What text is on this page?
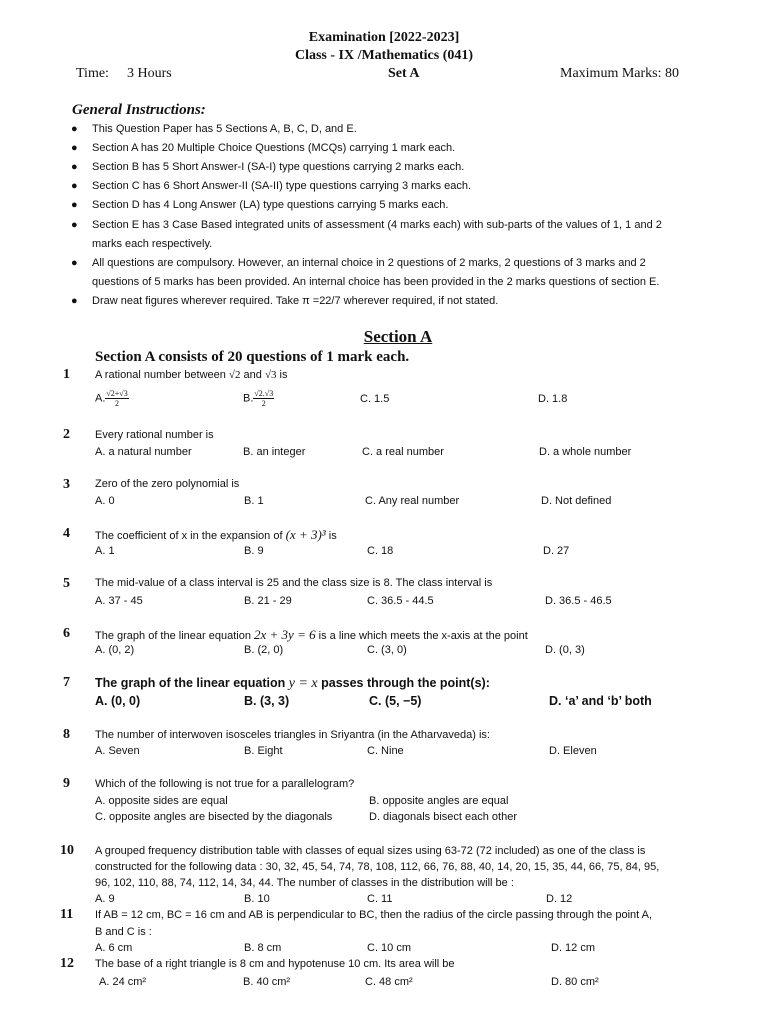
Examination [2022-2023]
Class - IX /Mathematics (041)
Time: 3 Hours	Set A	Maximum Marks: 80
General Instructions:
● This Question Paper has 5 Sections A, B, C, D, and E.
● Section A has 20 Multiple Choice Questions (MCQs) carrying 1 mark each.
● Section B has 5 Short Answer-I (SA-I) type questions carrying 2 marks each.
● Section C has 6 Short Answer-II (SA-II) type questions carrying 3 marks each.
● Section D has 4 Long Answer (LA) type questions carrying 5 marks each.
● Section E has 3 Case Based integrated units of assessment (4 marks each) with sub-parts of the values of 1, 1 and 2
marks each respectively.
● All questions are compulsory. However, an internal choice in 2 questions of 2 marks, 2 questions of 3 marks and 2
questions of 5 marks has been provided. An internal choice has been provided in the 2 marks questions of section E.
● Draw neat figures wherever required. Take π =22/7 wherever required, if not stated.
Section A
Section A consists of 20 questions of 1 mark each.
1 A rational number between √2 and √3 is
A. $\frac{√2+√3}{2}$	B. $\frac{√2.√3}{2}$	C. 1.5	D. 1.8
2 Every rational number is
A. a natural number	B. an integer	C. a real number	D. a whole number
3 Zero of the zero polynomial is
A. 0	B. 1	C. Any real number	D. Not defined
4 The coefficient of x in the expansion of (x + 3)³ is
A. 1	B. 9	C. 18	D. 27
5 The mid-value of a class interval is 25 and the class size is 8. The class interval is
A. 37 - 45	B. 21 - 29	C. 36.5 - 44.5	D. 36.5 - 46.5
6 The graph of the linear equation 2x + 3y = 6 is a line which meets the x-axis at the point
A. (0, 2)	B. (2, 0)	C. (3, 0)	D. (0, 3)
7 The graph of the linear equation y = x passes through the point(s):
A. (0, 0)	B. (3, 3)	C. (5, −5)	D. ‘a’ and ‘b’ both
8 The number of interwoven isosceles triangles in Sriyantra (in the Atharvaveda) is:
A. Seven	B. Eight	C. Nine	D. Eleven
9 Which of the following is not true for a parallelogram?
A. opposite sides are equal	B. opposite angles are equal
C. opposite angles are bisected by the diagonals	D. diagonals bisect each other
10 A grouped frequency distribution table with classes of equal sizes using 63-72 (72 included) as one of the class is
constructed for the following data : 30, 32, 45, 54, 74, 78, 108, 112, 66, 76, 88, 40, 14, 20, 15, 35, 44, 66, 75, 84, 95,
96, 102, 110, 88, 74, 112, 14, 34, 44. The number of classes in the distribution will be :
A. 9	B. 10	C. 11	D. 12
11 If AB = 12 cm, BC = 16 cm and AB is perpendicular to BC, then the radius of the circle passing through the point A,
B and C is :
A. 6 cm	B. 8 cm	C. 10 cm	D. 12 cm
12 The base of a right triangle is 8 cm and hypotenuse 10 cm. Its area will be
A. 24 cm²	B. 40 cm²	C. 48 cm²	D. 80 cm²
